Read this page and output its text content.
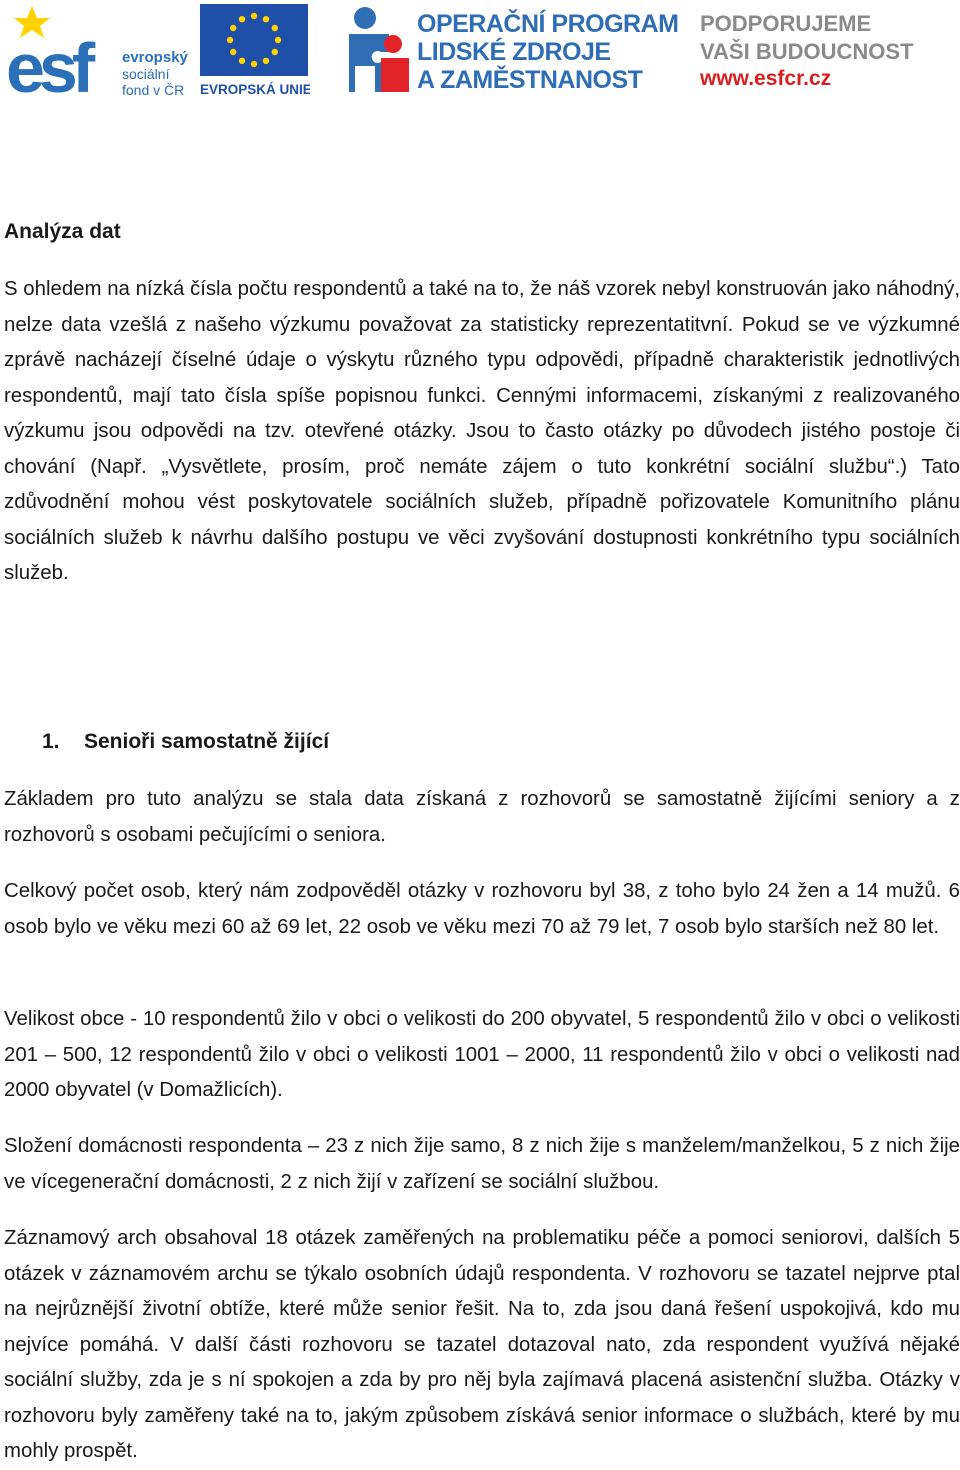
esf	evropský
sociální
fond v ČR EVROPSKÁ UNIE
OPERAČNÍ PROGRAM
LIDSKÉ ZDROJE
A ZAMĚSTNANOST
PODPORUJEME
VAŠI BUDOUCNOST
www.esfcr.cz
Analýza dat

S ohledem na nízká čísla počtu respondentů a také na to, že náš vzorek nebyl konstruován jako náhodný, nelze data vzešlá z našeho výzkumu považovat za statisticky reprezentatitvní. Pokud se ve výzkumné zprávě nacházejí číselné údaje o výskytu různého typu odpovědi, případně charakteristik jednotlivých respondentů, mají tato čísla spíše popisnou funkci. Cennými informacemi, získanými z realizovaného výzkumu jsou odpovědi na tzv. otevřené otázky. Jsou to často otázky po důvodech jistého postoje či chování (Např. „Vysvětlete, prosím, proč nemáte zájem o tuto konkrétní sociální službu“.) Tato zdůvodnění mohou vést poskytovatele sociálních služeb, případně pořizovatele Komunitního plánu sociálních služeb k návrhu dalšího postupu ve věci zvyšování dostupnosti konkrétního typu sociálních služeb.

1. Senioři samostatně žijící

Základem pro tuto analýzu se stala data získaná z rozhovorů se samostatně žijícími seniory a z rozhovorů s osobami pečujícími o seniora.

Celkový počet osob, který nám zodpověděl otázky v rozhovoru byl 38, z toho bylo 24 žen a 14 mužů. 6 osob bylo ve věku mezi 60 až 69 let, 22 osob ve věku mezi 70 až 79 let, 7 osob bylo starších než 80 let.

Velikost obce - 10 respondentů žilo v obci o velikosti do 200 obyvatel, 5 respondentů žilo v obci o velikosti 201 – 500, 12 respondentů žilo v obci o velikosti 1001 – 2000, 11 respondentů žilo v obci o velikosti nad 2000 obyvatel (v Domažlicích).

Složení domácnosti respondenta – 23 z nich žije samo, 8 z nich žije s manželem/manželkou, 5 z nich žije ve vícegenerační domácnosti, 2 z nich žijí v zařízení se sociální službou.

Záznamový arch obsahoval 18 otázek zaměřených na problematiku péče a pomoci seniorovi, dalších 5 otázek v záznamovém archu se týkalo osobních údajů respondenta. V rozhovoru se tazatel nejprve ptal na nejrůznější životní obtíže, které může senior řešit. Na to, zda jsou daná řešení uspokojivá, kdo mu nejvíce pomáhá. V další části rozhovoru se tazatel dotazoval nato, zda respondent využívá nějaké sociální služby, zda je s ní spokojen a zda by pro něj byla zajímavá placená asistenční služba. Otázky v rozhovoru byly zaměřeny také na to, jakým způsobem získává senior informace o službách, které by mu mohly prospět.
